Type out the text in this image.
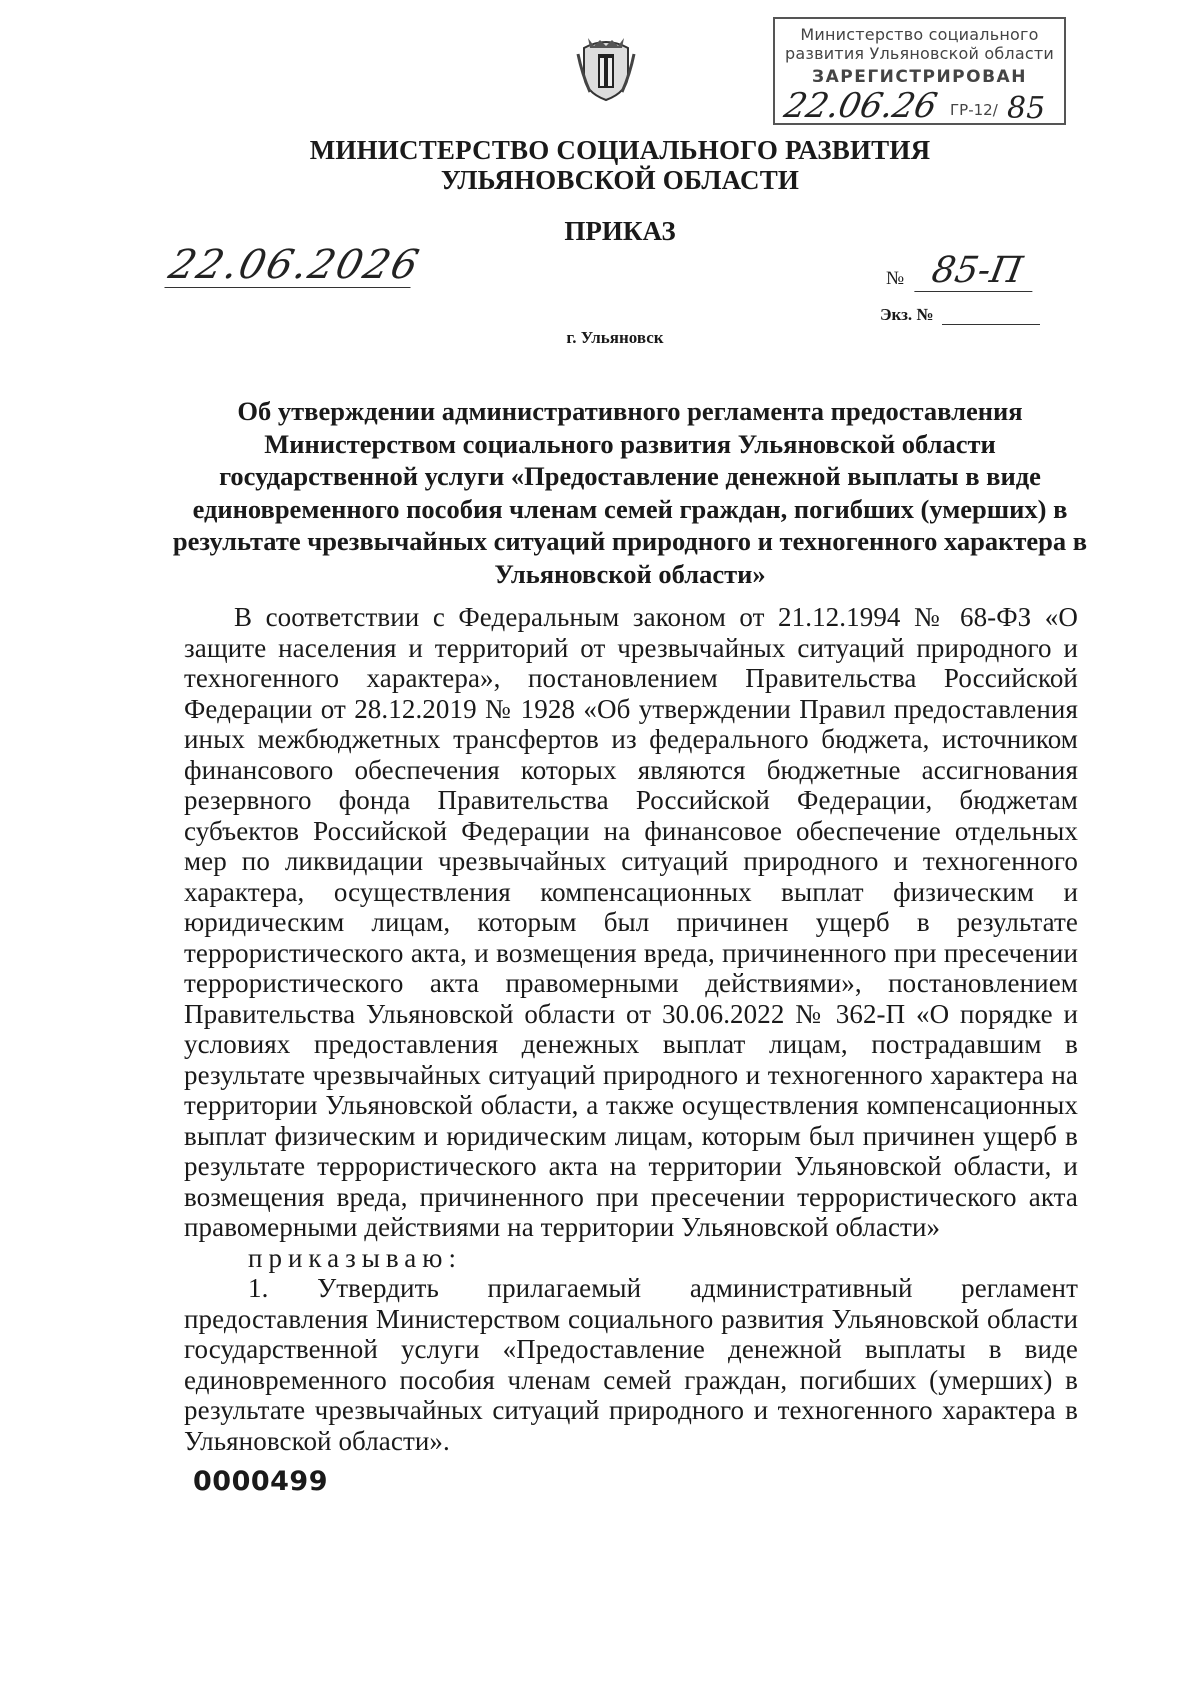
Министерство социального
развития Ульяновской области
ЗАРЕГИСТРИРОВАН
22.06.26 ГР-12/ 85
МИНИСТЕРСТВО СОЦИАЛЬНОГО РАЗВИТИЯ
УЛЬЯНОВСКОЙ ОБЛАСТИ
ПРИКАЗ
22.06.2026	№ 85-П
Экз. №
г. Ульяновск
Об утверждении административного регламента предоставления Министерством социального развития Ульяновской области государственной услуги «Предоставление денежной выплаты в виде единовременного пособия членам семей граждан, погибших (умерших) в результате чрезвычайных ситуаций природного и техногенного характера в Ульяновской области»

В соответствии с Федеральным законом от 21.12.1994 № 68-ФЗ «О защите населения и территорий от чрезвычайных ситуаций природного и техногенного характера», постановлением Правительства Российской Федерации от 28.12.2019 № 1928 «Об утверждении Правил предоставления иных межбюджетных трансфертов из федерального бюджета, источником финансового обеспечения которых являются бюджетные ассигнования резервного фонда Правительства Российской Федерации, бюджетам субъектов Российской Федерации на финансовое обеспечение отдельных мер по ликвидации чрезвычайных ситуаций природного и техногенного характера, осуществления компенсационных выплат физическим и юридическим лицам, которым был причинен ущерб в результате террористического акта, и возмещения вреда, причиненного при пресечении террористического акта правомерными действиями», постановлением Правительства Ульяновской области от 30.06.2022 № 362-П «О порядке и условиях предоставления денежных выплат лицам, пострадавшим в результате чрезвычайных ситуаций природного и техногенного характера на территории Ульяновской области, а также осуществления компенсационных выплат физическим и юридическим лицам, которым был причинен ущерб в результате террористического акта на территории Ульяновской области, и возмещения вреда, причиненного при пресечении террористического акта правомерными действиями на территории Ульяновской области»

приказываю:

1. Утвердить прилагаемый административный регламент предоставления Министерством социального развития Ульяновской области государственной услуги «Предоставление денежной выплаты в виде единовременного пособия членам семей граждан, погибших (умерших) в результате чрезвычайных ситуаций природного и техногенного характера в Ульяновской области».

0000499
